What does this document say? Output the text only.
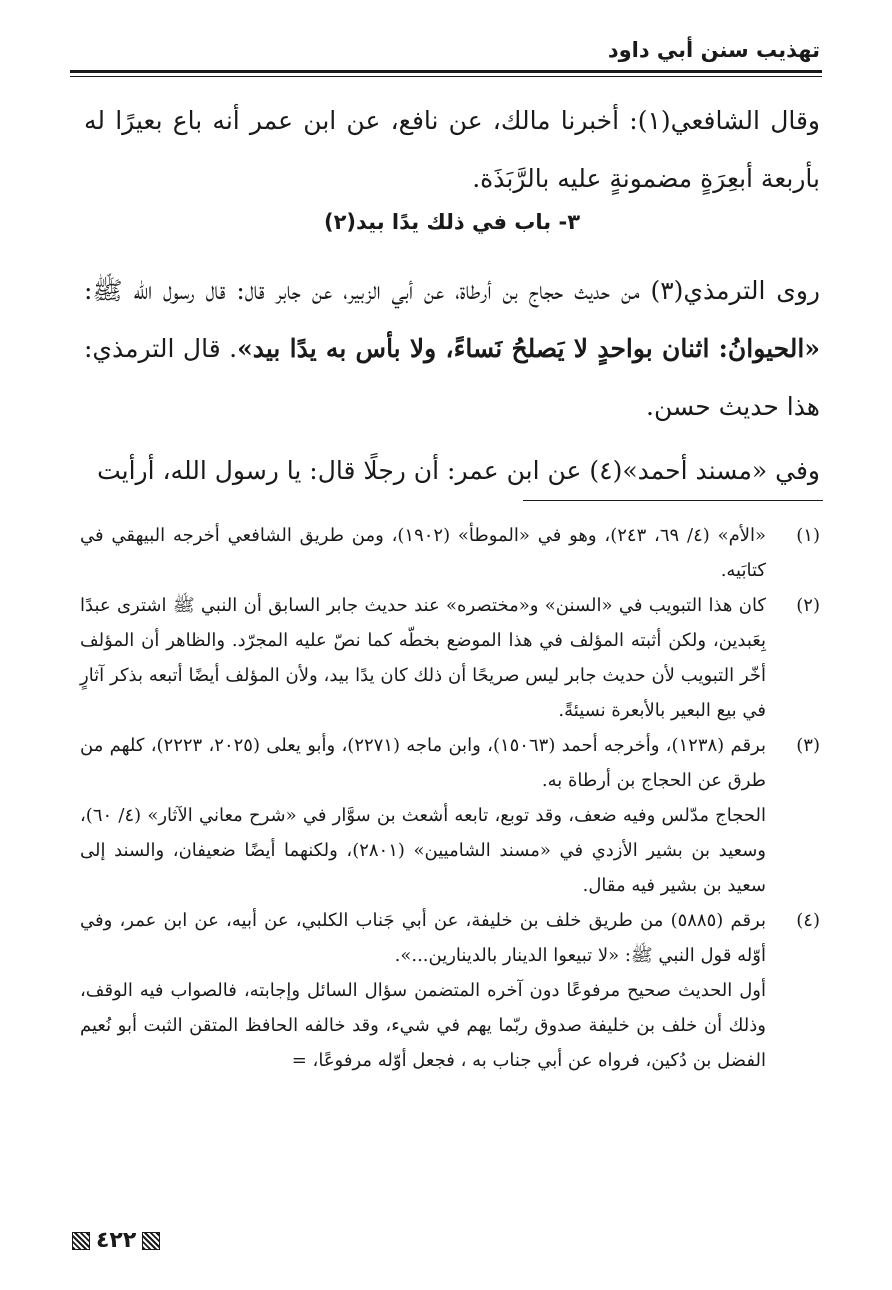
تهذيب سنن أبي داود

وقال الشافعي(١): أخبرنا مالك، عن نافع، عن ابن عمر أنه باع بعيرًا له بأربعة أبعِرَةٍ مضمونةٍ عليه بالرَّبَذَة.

٣- باب في ذلك يدًا بيد(٢)

روى الترمذي(٣) من حديث حجاج بن أرطاة، عن أبي الزبير، عن جابر قال: قال رسول الله ﷺ: «الحيوانُ: اثنان بواحدٍ لا يَصلحُ نَساءً، ولا بأس به يدًا بيد». قال الترمذي: هذا حديث حسن.

وفي «مسند أحمد»(٤) عن ابن عمر: أن رجلًا قال: يا رسول الله، أرأيت

(١)

«الأم» (٤/ ٦٩، ٢٤٣)، وهو في «الموطأ» (١٩٠٢)، ومن طريق الشافعي أخرجه البيهقي في كتابَيه.

(٢)

كان هذا التبويب في «السنن» و«مختصره» عند حديث جابر السابق أن النبي ﷺ اشترى عبدًا بِعَبدين، ولكن أثبته المؤلف في هذا الموضع بخطّه كما نصّ عليه المجرّد. والظاهر أن المؤلف أخّر التبويب لأن حديث جابر ليس صريحًا أن ذلك كان يدًا بيد، ولأن المؤلف أيضًا أتبعه بذكر آثارٍ في بيع البعير بالأبعرة نسيئةً.

(٣)

برقم (١٢٣٨)، وأخرجه أحمد (١٥٠٦٣)، وابن ماجه (٢٢٧١)، وأبو يعلى (٢٠٢٥، ٢٢٢٣)، كلهم من طرق عن الحجاج بن أرطاة به.

الحجاج مدّلس وفيه ضعف، وقد توبع، تابعه أشعث بن سوَّار في «شرح معاني الآثار» (٤/ ٦٠)، وسعيد بن بشير الأزدي في «مسند الشاميين» (٢٨٠١)، ولكنهما أيضًا ضعيفان، والسند إلى سعيد بن بشير فيه مقال.

(٤)

برقم (٥٨٨٥) من طريق خلف بن خليفة، عن أبي جَناب الكلبي، عن أبيه، عن ابن عمر، وفي أوّله قول النبي ﷺ: «لا تبيعوا الدينار بالدينارين...».

أول الحديث صحيح مرفوعًا دون آخره المتضمن سؤال السائل وإجابته، فالصواب فيه الوقف، وذلك أن خلف بن خليفة صدوق ربّما يهم في شيء، وقد خالفه الحافظ المتقن الثبت أبو نُعيم الفضل بن دُكين، فرواه عن أبي جناب به ، فجعل أوّله مرفوعًا، =

٤٢٢
